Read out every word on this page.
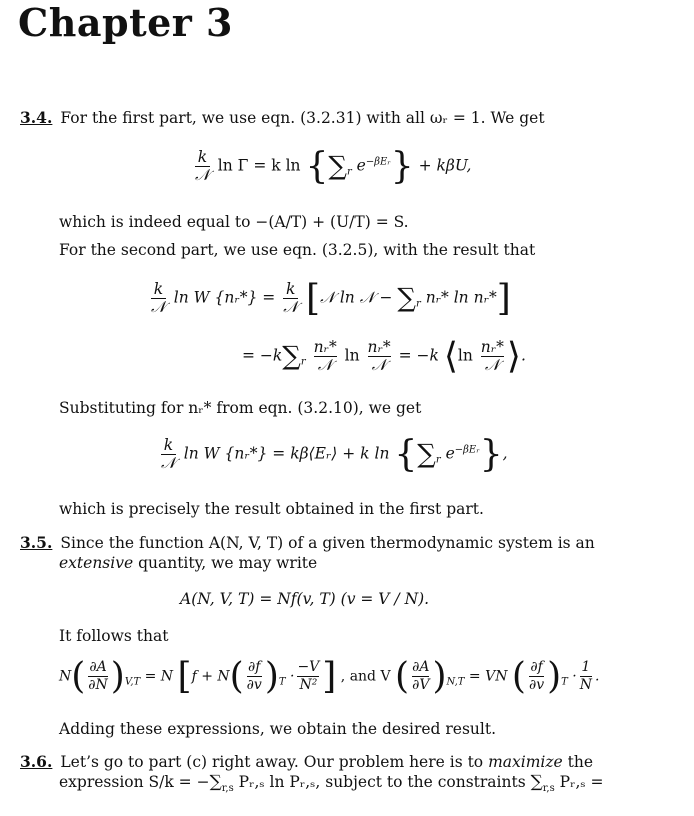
Chapter 3
3.4. For the first part, we use eqn. (3.2.31) with all ωᵣ = 1. We get
$\frac{k}{\text{𝒩}}$ ln Γ = k $\ln \{\sum_r$ $e^{-\beta Eᵣ}\} + k\beta U$,
which is indeed equal to −(A/T) + (U/T) = S.
For the second part, we use eqn. (3.2.5), with the result that
$\frac{k}{\text{𝒩}}$ ln W {nᵣ*} = $\frac{k}{\text{𝒩}}$ [𝒩 ln 𝒩 − $\sum_r$ nᵣ* ln nᵣ*]
= $-k\sum_r \frac{\text{nᵣ*}}{\text{𝒩}}$ $\ln \frac{\text{nᵣ*}}{\text{𝒩}} = -k$ ⟨ln $\frac{\text{nᵣ*}}{\text{𝒩}}$ ⟩.
Substituting for nᵣ* from eqn. (3.2.10), we get
$\frac{k}{\text{𝒩}}$ ln W {nᵣ*} = kβ⟨Eᵣ⟩ + k $\ln \{\sum_r$ $e^{-\beta Eᵣ}$},
which is precisely the result obtained in the first part.
3.5. Since the function A(N, V, T) of a given thermodynamic system is an
extensive quantity, we may write
A(N, V, T) = Nf(v, T) (v = V / N).
It follows that
$N( \frac{\partial A}{\partial N} )_{V,T} = N$ [$f + N( \frac{\partial f}{\partial v} )_T \cdot \frac{-V}{\text{N²}}$ ] , and V ( $\frac{\partial A}{\partial V} )_{N,T}$ = VN ( $\frac{\partial f}{\partial v} )_T \cdot \frac{1}{N}$ .
Adding these expressions, we obtain the desired result.
3.6. Let’s go to part (c) right away. Our problem here is to maximize the
expression $S/k = -\sum_{r,s}$ Pᵣ,ₛ ln Pᵣ,ₛ, subject to the constraints $\sum_{r,s}$ Pᵣ,ₛ =
